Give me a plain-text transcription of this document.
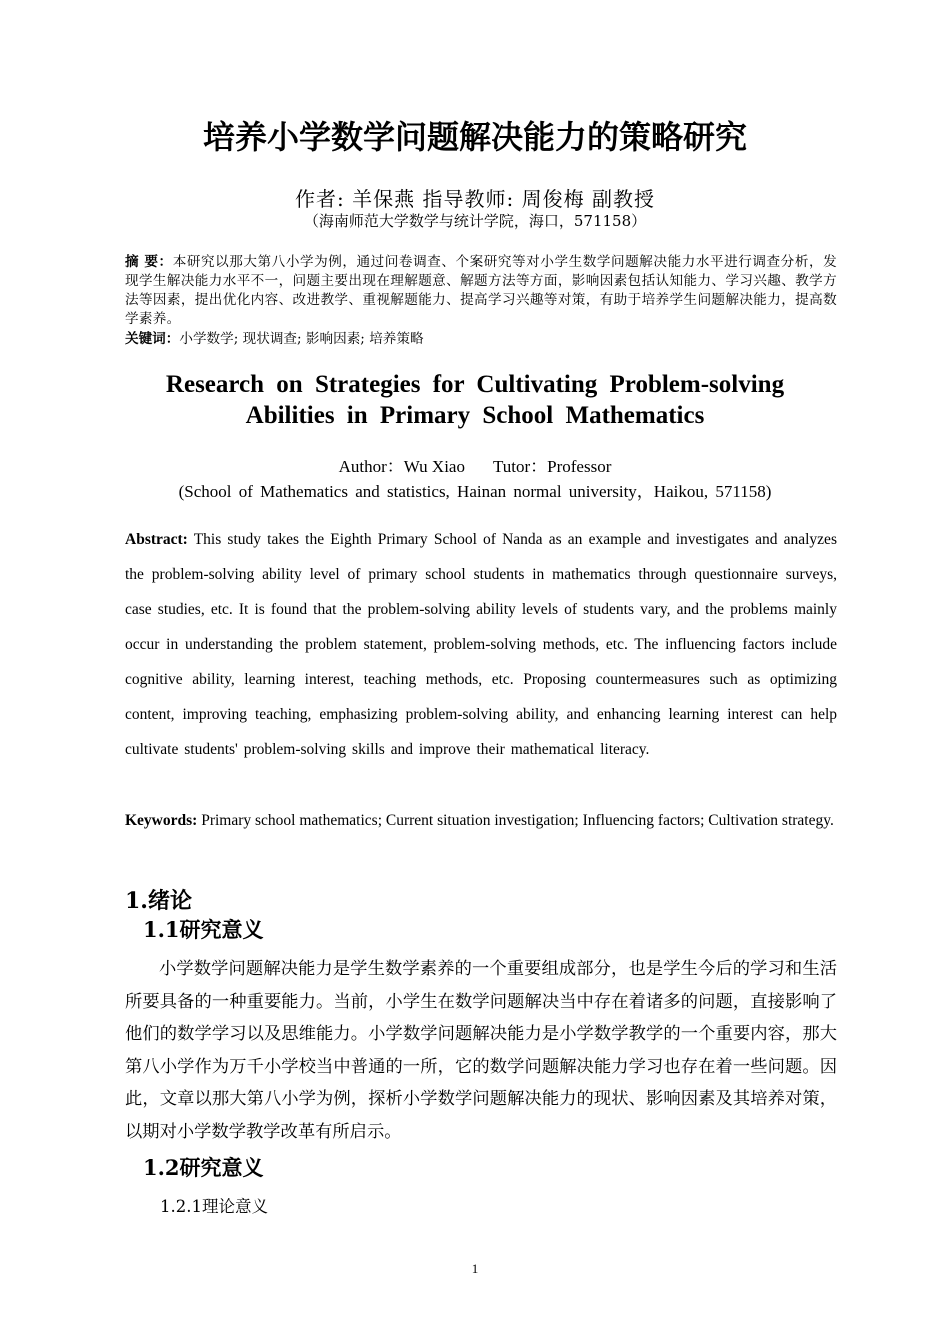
培养小学数学问题解决能力的策略研究
作者: 羊保燕 指导教师: 周俊梅 副教授
（海南师范大学数学与统计学院，海口，571158）
摘 要：本研究以那大第八小学为例，通过问卷调查、个案研究等对小学生数学问题解决能力水平进行调查分析，发现学生解决能力水平不一，问题主要出现在理解题意、解题方法等方面，影响因素包括认知能力、学习兴趣、教学方法等因素，提出优化内容、改进教学、重视解题能力、提高学习兴趣等对策，有助于培养学生问题解决能力，提高数学素养。
关键词：小学数学; 现状调查; 影响因素; 培养策略
Research on Strategies for Cultivating Problem-solving
Abilities in Primary School Mathematics
Author：Wu Xiao Tutor：Professor
(School of Mathematics and statistics, Hainan normal university，Haikou, 571158)
Abstract: This study takes the Eighth Primary School of Nanda as an example and investigates and analyzes the problem-solving ability level of primary school students in mathematics through questionnaire surveys, case studies, etc. It is found that the problem-solving ability levels of students vary, and the problems mainly occur in understanding the problem statement, problem-solving methods, etc. The influencing factors include cognitive ability, learning interest, teaching methods, etc. Proposing countermeasures such as optimizing content, improving teaching, emphasizing problem-solving ability, and enhancing learning interest can help cultivate students' problem-solving skills and improve their mathematical literacy.
Keywords: Primary school mathematics; Current situation investigation; Influencing factors; Cultivation strategy.
1.绪论
1.1研究意义
小学数学问题解决能力是学生数学素养的一个重要组成部分，也是学生今后的学习和生活所要具备的一种重要能力。当前，小学生在数学问题解决当中存在着诸多的问题，直接影响了他们的数学学习以及思维能力。小学数学问题解决能力是小学数学教学的一个重要内容，那大第八小学作为万千小学校当中普通的一所，它的数学问题解决能力学习也存在着一些问题。因此，文章以那大第八小学为例，探析小学数学问题解决能力的现状、影响因素及其培养对策，以期对小学数学教学改革有所启示。
1.2研究意义
1.2.1理论意义
1
